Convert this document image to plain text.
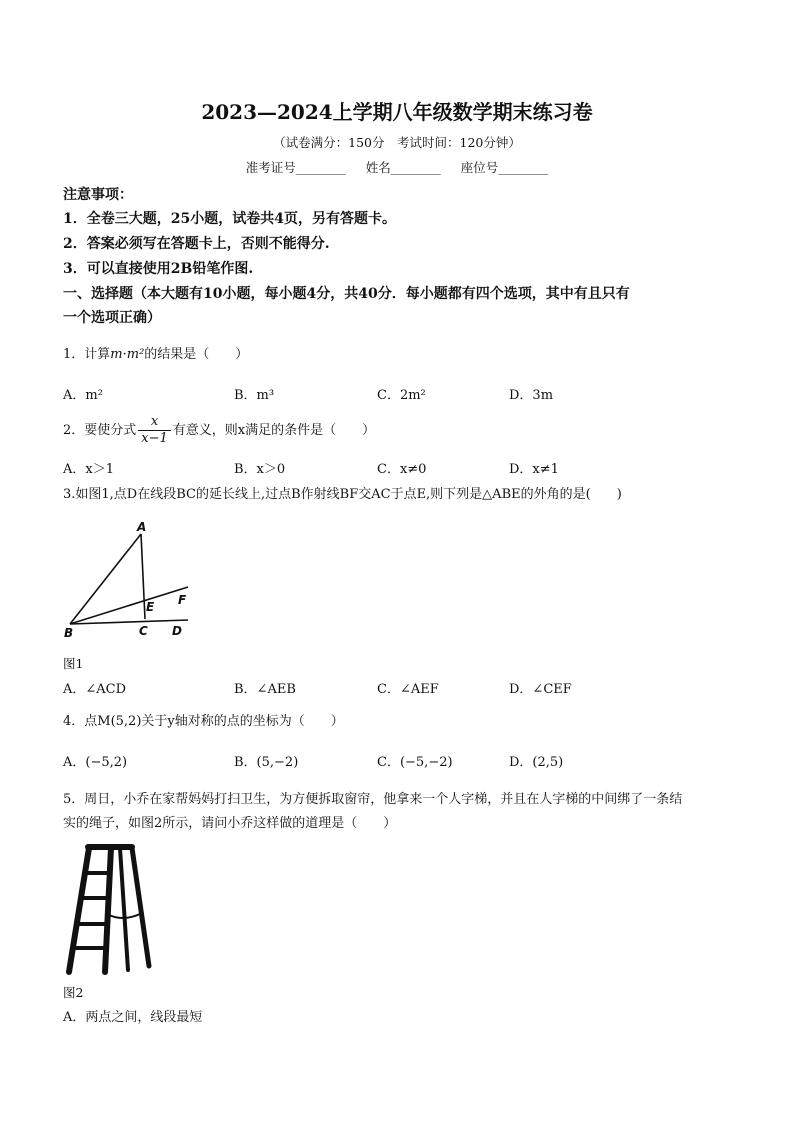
2023—2024上学期八年级数学期末练习卷
（试卷满分：150分　考试时间：120分钟）
准考证号________ 姓名________ 座位号________
注意事项：
1．全卷三大题，25小题，试卷共4页，另有答题卡。
2．答案必须写在答题卡上，否则不能得分.
3．可以直接使用2B铅笔作图.
一、选择题（本大题有10小题，每小题4分，共40分．每小题都有四个选项，其中有且只有
一个选项正确）
1．计算m·m²的结果是（　　）
A．m²	B．m³	C．2m²	D．3m
2．要使分式 $\frac{x}{x-1}$ 有意义，则x满足的条件是（　　）
A．x＞1	B．x＞0	C．x≠0	D．x≠1
3.如图1,点D在线段BC的延长线上,过点B作射线BF交AC于点E,则下列是△ABE的外角的是(　　)
A
B	C D
E F
图1
A．∠ACD	B．∠AEB	C．∠AEF	D．∠CEF
4．点M(5,2)关于y轴对称的点的坐标为（　　）
A．(−5,2)	B．(5,−2)	C．(−5,−2)	D．(2,5)
5．周日，小乔在家帮妈妈打扫卫生，为方便拆取窗帘，他拿来一个人字梯，并且在人字梯的中间绑了一条结
实的绳子，如图2所示，请问小乔这样做的道理是（　　）
图2
A．两点之间，线段最短
